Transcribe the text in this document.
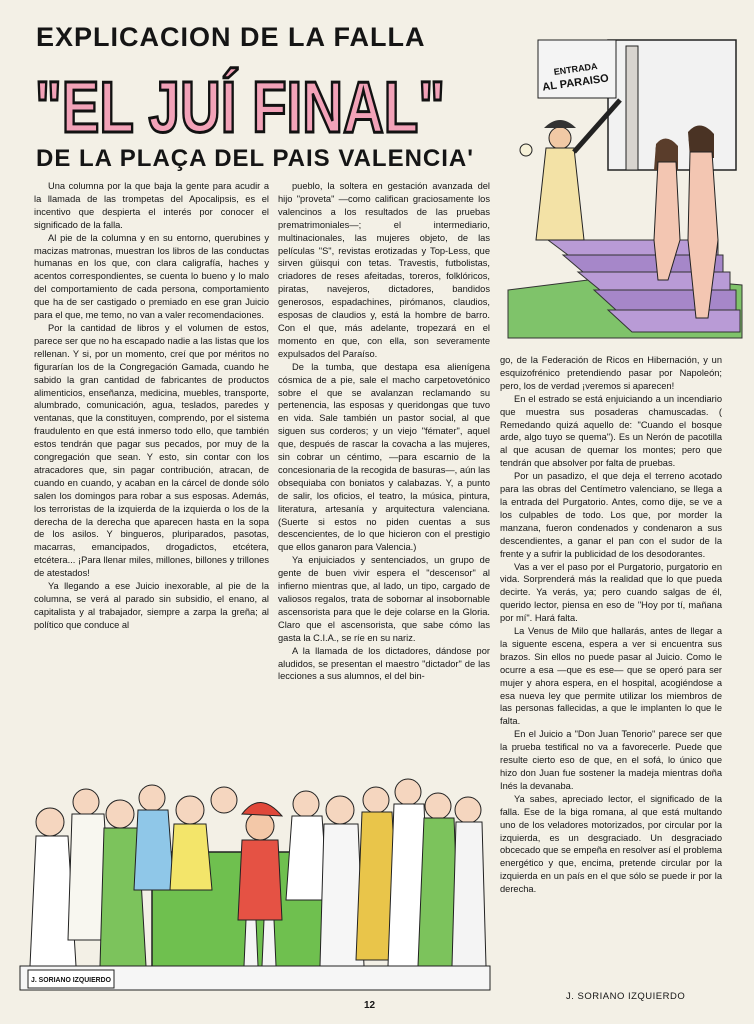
EXPLICACION DE LA FALLA
"EL JUÍ FINAL"
DE LA PLAÇA DEL PAIS VALENCIA'

Una columna por la que baja la gente para acudir a la llamada de las trompetas del Apocalipsis, es el incentivo que despierta el interés por conocer el significado de la falla.

Al pie de la columna y en su entorno, querubines y macizas matronas, muestran los libros de las conductas humanas en los que, con clara caligrafía, haches y acentos correspondientes, se cuenta lo bueno y lo malo del comportamiento de cada persona, comportamiento que ha de ser castigado o premiado en ese gran Juicio para el que, me temo, no van a valer recomendaciones.

Por la cantidad de libros y el volumen de estos, parece ser que no ha escapado nadie a las listas que los rellenan. Y si, por un momento, creí que por méritos no figurarían los de la Congregación Gamada, cuando he sabido la gran cantidad de fabricantes de productos alimenticios, enseñanza, medicina, muebles, transporte, alumbrado, comunicación, agua, teslados, paredes y ventanas, que la constituyen, comprendo, por el sistema fraudulento en que está inmerso todo ello, que también estos tendrán que pagar sus pecados, por muy de la congregación que sean. Y esto, sin contar con los atracadores que, sin pagar contribución, atracan, de cuando en cuando, y acaban en la cárcel de donde sólo salen los domingos para robar a sus esposas. Además, los terroristas de la izquierda de la izquierda o los de la derecha de la derecha que aparecen hasta en la sopa de los asilos. Y bingueros, pluriparados, pasotas, macarras, emancipados, drogadictos, etcétera, etcétera... ¡Para llenar miles, millones, billones y trillones de atestados!

Ya llegando a ese Juicio inexorable, al pie de la columna, se verá al parado sin subsidio, el enano, al capitalista y al trabajador, siempre a zarpa la greña; al político que conduce al

pueblo, la soltera en gestación avanzada del hijo "proveta" —como califican graciosamente los valencinos a los resultados de las pruebas prematrimoniales—; el intermediario, multinacionales, las mujeres objeto, de las películas "S", revistas erotizadas y Top-Less, que sirven güisqui con tetas. Travestis, futbolistas, criadores de reses afeitadas, toreros, folklóricos, piratas, navejeros, dictadores, bandidos generosos, espadachines, pirómanos, claudios, esposas de claudios y, está la hombre de barro. Con el que, más adelante, tropezará en el momento en que, con ella, son severamente expulsados del Paraíso.

De la tumba, que destapa esa alienígena cósmica de a pie, sale el macho carpetovetónico sobre el que se avalanzan reclamando su pertenencia, las esposas y queridongas que tuvo en vida. Sale también un pastor social, al que siguen sus corderos; y un viejo "fémater", aquel que, después de rascar la covacha a las mujeres, sin cobrar un céntimo, —para escarnio de la concesionaria de la recogida de basuras—, aún las obsequiaba con boniatos y calabazas. Y, a punto de salir, los oficios, el teatro, la música, pintura, literatura, artesanía y arquitectura valenciana. (Suerte si estos no piden cuentas a sus descencientes, de lo que hicieron con el prestigio que ellos ganaron para Valencia.)

Ya enjuiciados y sentenciados, un grupo de gente de buen vivir espera el "descensor" al infierno mientras que, al lado, un tipo, cargado de valiosos regalos, trata de sobornar al insobornable ascensorista para que le deje colarse en la Gloria. Claro que el ascensorista, que sabe cómo las gasta la C.I.A., se ríe en su nariz.

A la llamada de los dictadores, dándose por aludidos, se presentan el maestro "dictador" de las lecciones a sus alumnos, el del bin-

go, de la Federación de Ricos en Hibernación, y un esquizofrénico pretendiendo pasar por Napoleón; pero, los de verdad ¡veremos si aparecen!

En el estrado se está enjuiciando a un incendiario que muestra sus posaderas chamuscadas. ( Remedando quizá aquello de: "Cuando el bosque arde, algo tuyo se quema"). Es un Nerón de pacotilla al que acusan de quemar los montes; pero que tendrán que absolver por falta de pruebas.

Por un pasadizo, el que deja el terreno acotado para las obras del Centímetro valenciano, se llega a la entrada del Purgatorio. Antes, como dije, se ve a los culpables de todo. Los que, por morder la manzana, fueron condenados y condenaron a sus descendientes, a ganar el pan con el sudor de la frente y a sufrir la publicidad de los desodorantes.

Vas a ver el paso por el Purgatorio, purgatorio en vida. Sorprenderá más la realidad que lo que pueda decirte. Ya verás, ya; pero cuando salgas de él, querido lector, piensa en eso de "Hoy por tí, mañana por mí". Hará falta.

La Venus de Milo que hallarás, antes de llegar a la siguente escena, espera a ver si encuentra sus brazos. Sin ellos no puede pasar al Juicio. Como le ocurre a esa —que es ese— que se operó para ser mujer y ahora espera, en el hospital, acogiéndose a esa nueva ley que permite utilizar los miembros de las personas fallecidas, a que le implanten lo que le falta.

En el Juicio a "Don Juan Tenorio" parece ser que la prueba testifical no va a favorecerle. Puede que resulte cierto eso de que, en el sofá, lo único que hizo don Juan fue sostener la madeja mientras doña Inés la devanaba.

Ya sabes, apreciado lector, el significado de la falla. Ese de la biga romana, al que está multando uno de los veladores motorizados, por circular por la izquierda, es un desgraciado. Un desgraciado obcecado que se empeña en resolver así el problema energético y que, encima, pretende circular por la izquierda en un país en el que sólo se puede ir por la derecha.

ENTRADA
AL PARAISO
J. SORIANO IZQUIERDO
12
J. SORIANO IZQUIERDO
